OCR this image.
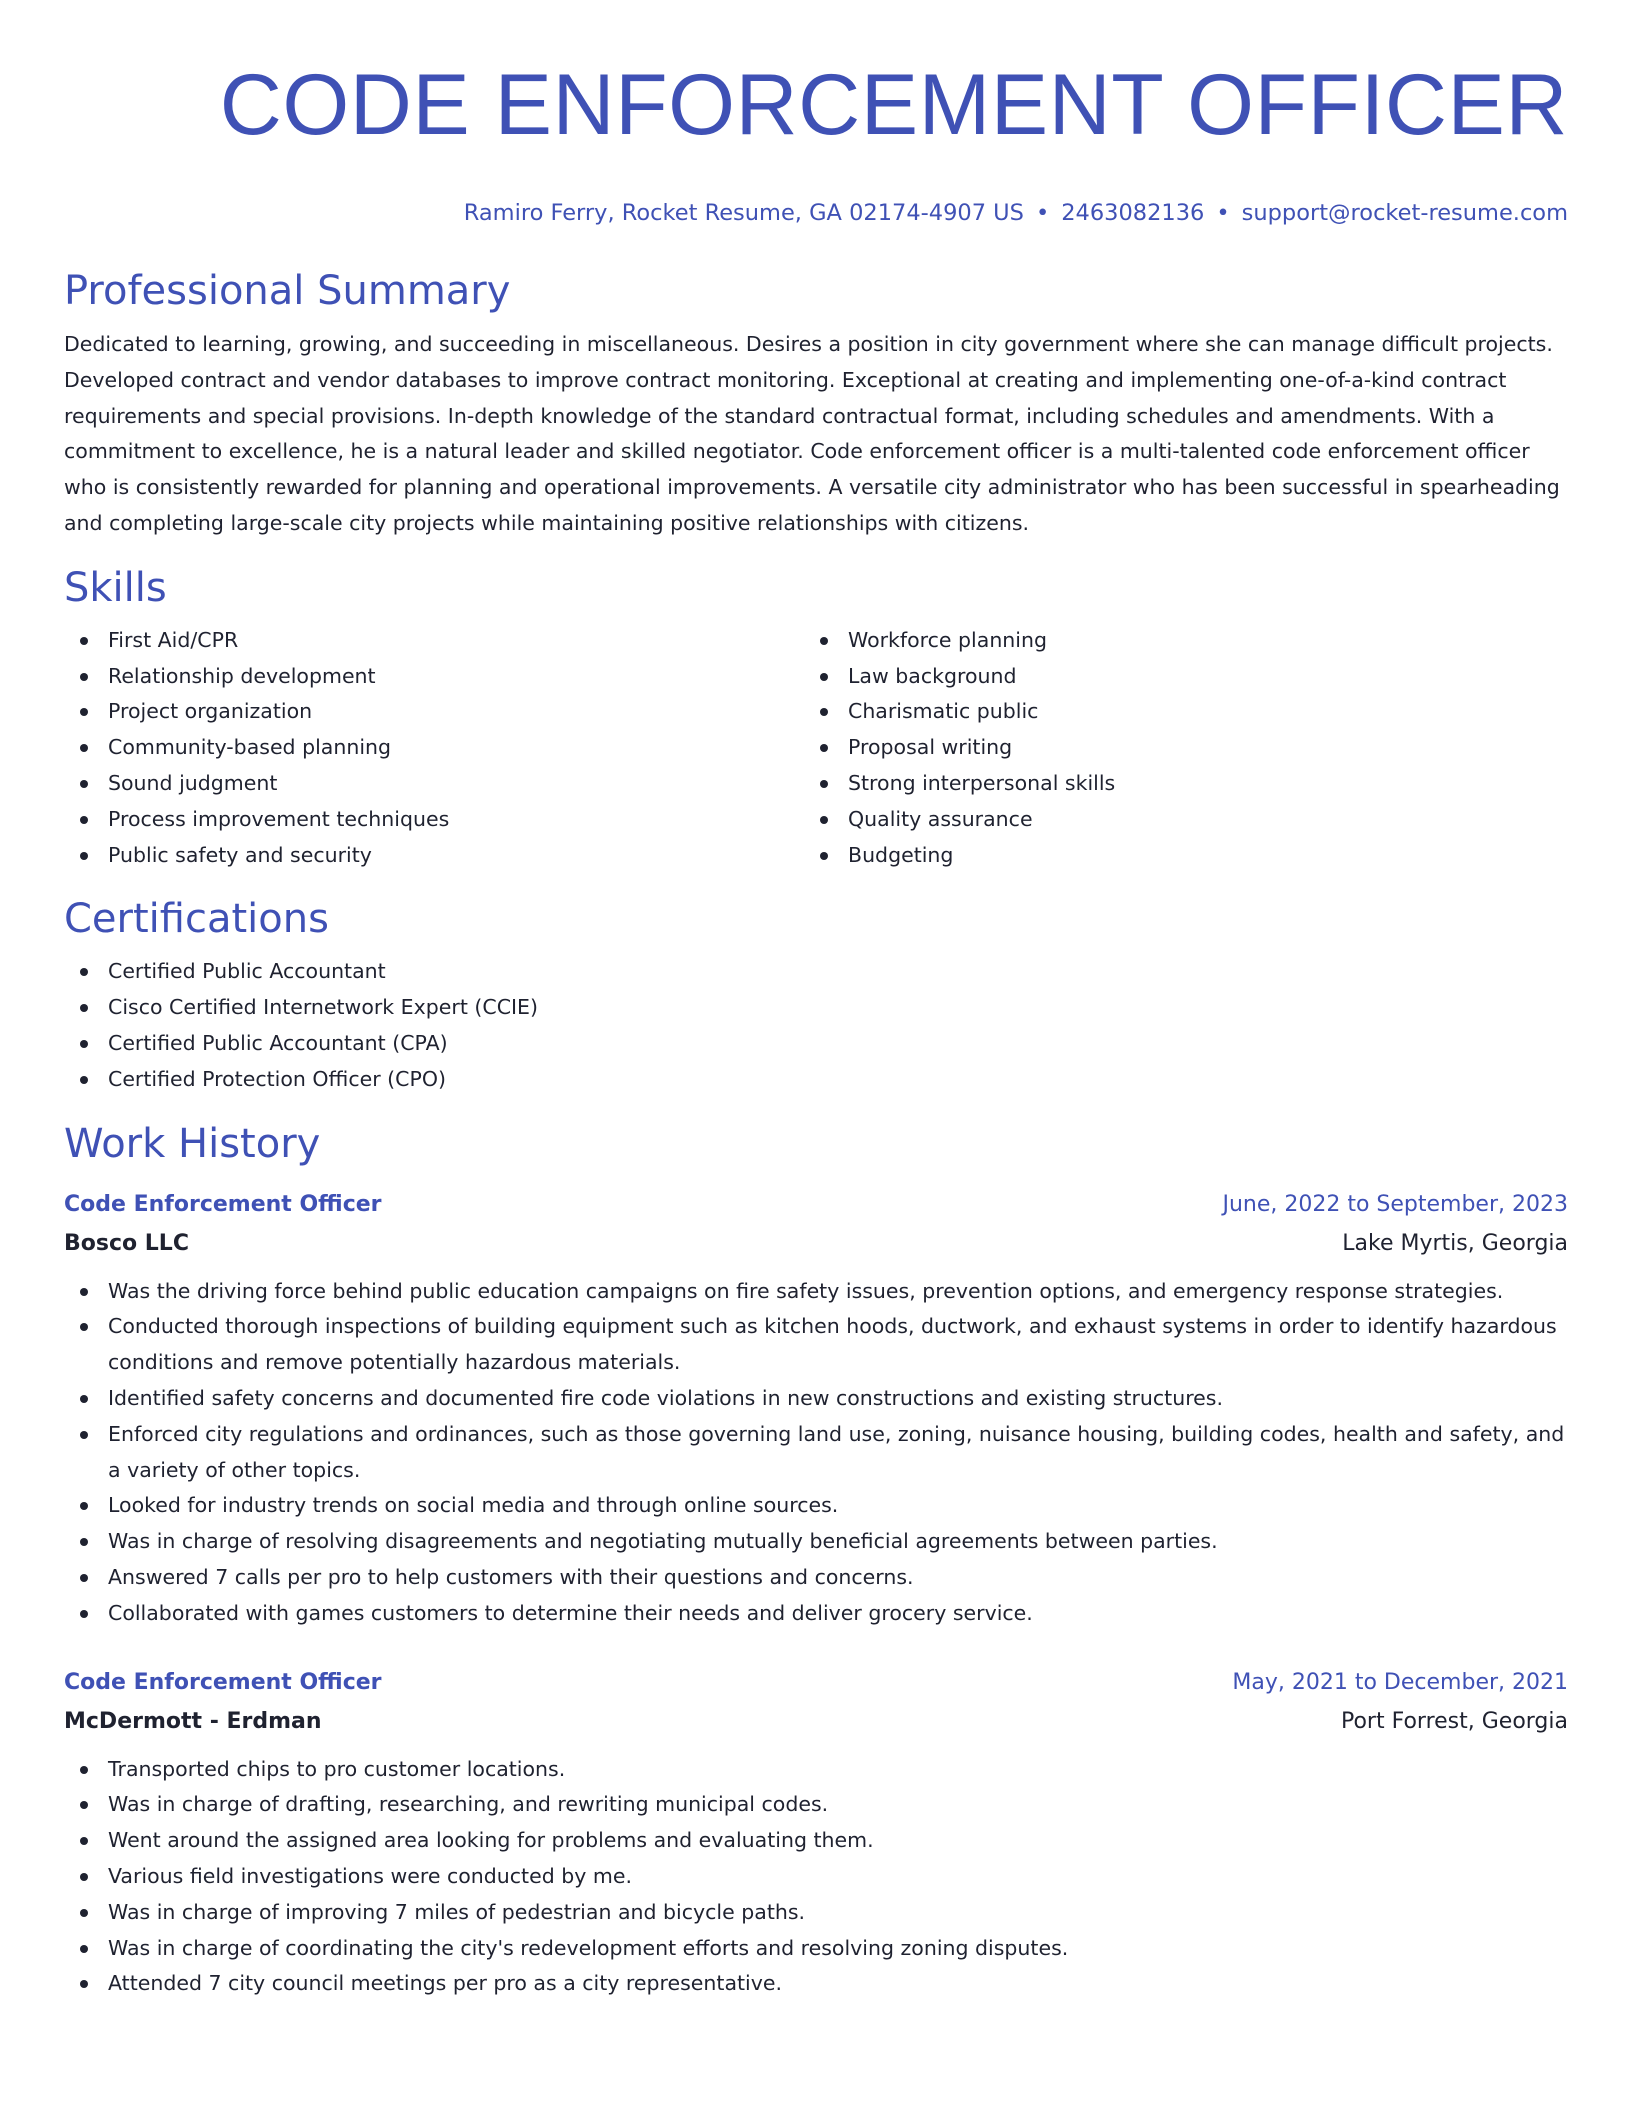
CODE ENFORCEMENT OFFICER
Ramiro Ferry, Rocket Resume, GA 02174-4907 US • 2463082136 • support@rocket-resume.com
Professional Summary

Dedicated to learning, growing, and succeeding in miscellaneous. Desires a position in city government where she can manage difficult projects. Developed contract and vendor databases to improve contract monitoring. Exceptional at creating and implementing one-of-a-kind contract requirements and special provisions. In-depth knowledge of the standard contractual format, including schedules and amendments. With a commitment to excellence, he is a natural leader and skilled negotiator. Code enforcement officer is a multi-talented code enforcement officer who is consistently rewarded for planning and operational improvements. A versatile city administrator who has been successful in spearheading and completing large-scale city projects while maintaining positive relationships with citizens.

Skills
First Aid/CPR
Relationship development
Project organization
Community-based planning
Sound judgment
Process improvement techniques
Public safety and security
Workforce planning
Law background
Charismatic public
Proposal writing
Strong interpersonal skills
Quality assurance
Budgeting
Certifications
Certified Public Accountant
Cisco Certified Internetwork Expert (CCIE)
Certified Public Accountant (CPA)
Certified Protection Officer (CPO)
Work History
Code Enforcement Officer	June, 2022 to September, 2023
Bosco LLC	Lake Myrtis, Georgia
Was the driving force behind public education campaigns on fire safety issues, prevention options, and emergency response strategies.
Conducted thorough inspections of building equipment such as kitchen hoods, ductwork, and exhaust systems in order to identify hazardous conditions and remove potentially hazardous materials.
Identified safety concerns and documented fire code violations in new constructions and existing structures.
Enforced city regulations and ordinances, such as those governing land use, zoning, nuisance housing, building codes, health and safety, and a variety of other topics.
Looked for industry trends on social media and through online sources.
Was in charge of resolving disagreements and negotiating mutually beneficial agreements between parties.
Answered 7 calls per pro to help customers with their questions and concerns.
Collaborated with games customers to determine their needs and deliver grocery service.
Code Enforcement Officer	May, 2021 to December, 2021
McDermott - Erdman	Port Forrest, Georgia
Transported chips to pro customer locations.
Was in charge of drafting, researching, and rewriting municipal codes.
Went around the assigned area looking for problems and evaluating them.
Various field investigations were conducted by me.
Was in charge of improving 7 miles of pedestrian and bicycle paths.
Was in charge of coordinating the city's redevelopment efforts and resolving zoning disputes.
Attended 7 city council meetings per pro as a city representative.
